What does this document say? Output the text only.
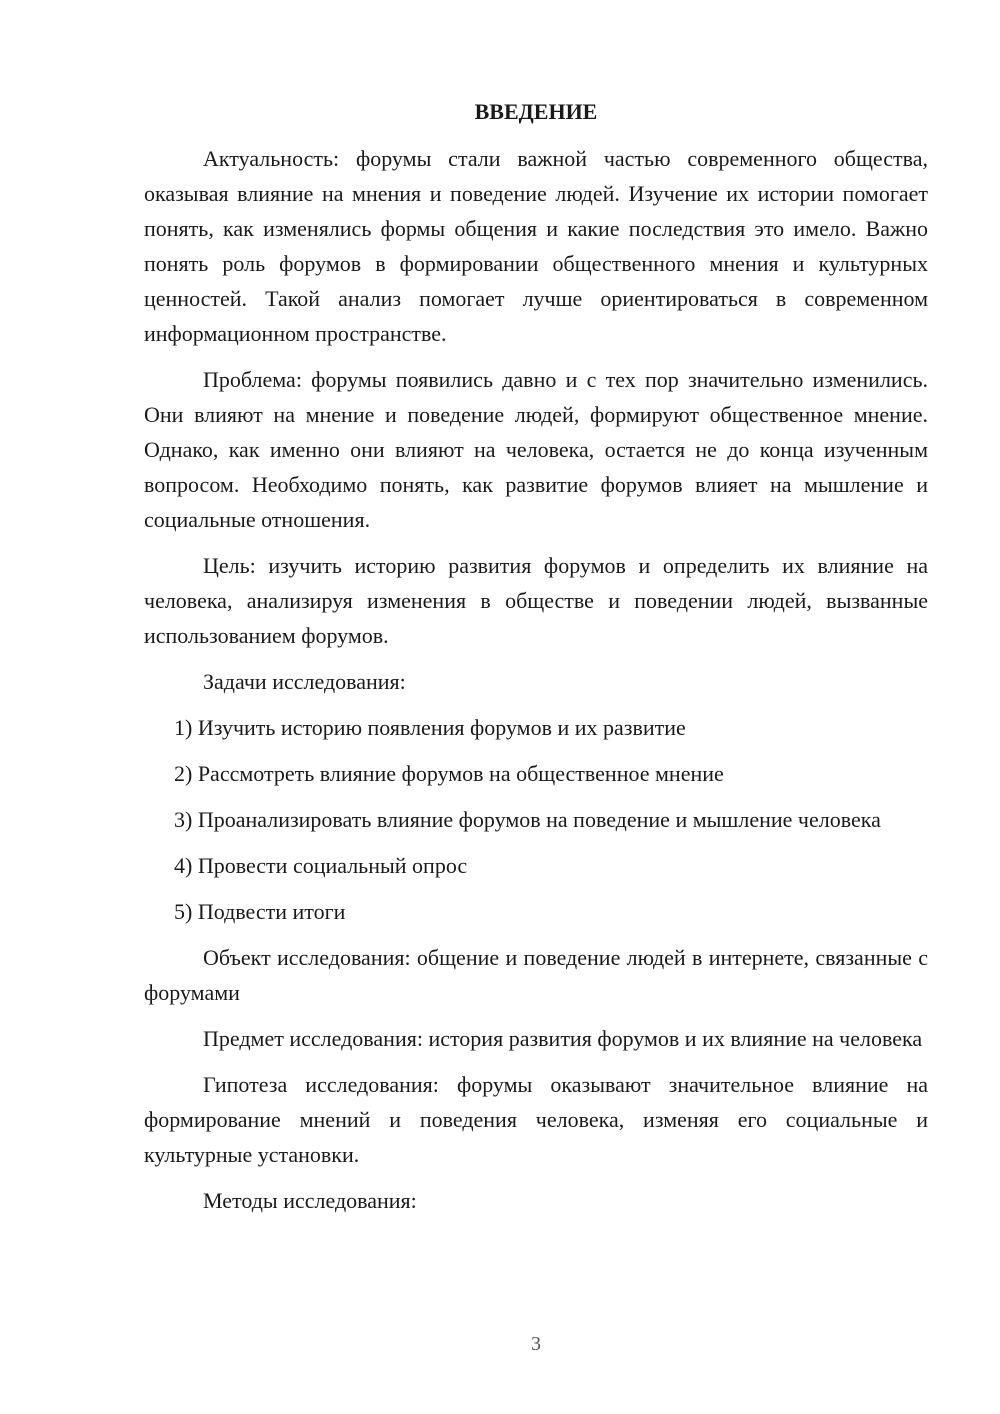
ВВЕДЕНИЕ

Актуальность: форумы стали важной частью современного общества, оказывая влияние на мнения и поведение людей. Изучение их истории помогает понять, как изменялись формы общения и какие последствия это имело. Важно понять роль форумов в формировании общественного мнения и культурных ценностей. Такой анализ помогает лучше ориентироваться в современном информационном пространстве.

Проблема: форумы появились давно и с тех пор значительно изменились. Они влияют на мнение и поведение людей, формируют общественное мнение. Однако, как именно они влияют на человека, остается не до конца изученным вопросом. Необходимо понять, как развитие форумов влияет на мышление и социальные отношения.

Цель: изучить историю развития форумов и определить их влияние на человека, анализируя изменения в обществе и поведении людей, вызванные использованием форумов.

Задачи исследования:

1) Изучить историю появления форумов и их развитие

2) Рассмотреть влияние форумов на общественное мнение

3) Проанализировать влияние форумов на поведение и мышление человека

4) Провести социальный опрос

5) Подвести итоги

Объект исследования: общение и поведение людей в интернете, связанные с форумами

Предмет исследования: история развития форумов и их влияние на человека

Гипотеза исследования: форумы оказывают значительное влияние на формирование мнений и поведения человека, изменяя его социальные и культурные установки.

Методы исследования:

3
